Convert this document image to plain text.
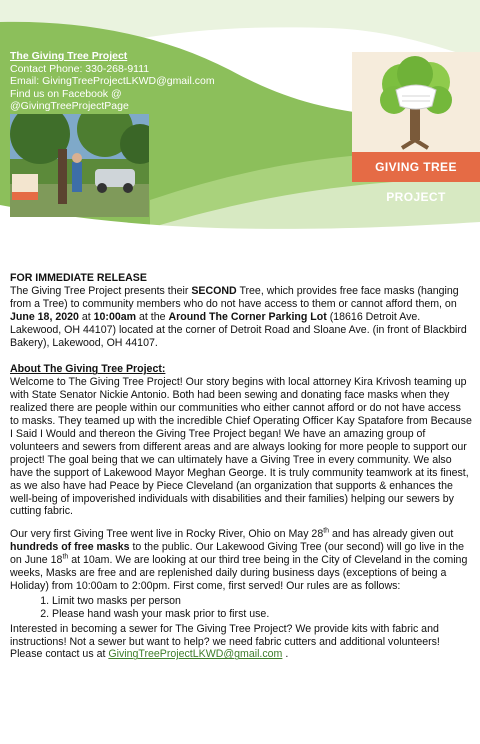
The Giving Tree Project
Contact Phone: 330-268-9111
Email: GivingTreeProjectLKWD@gmail.com
Find us on Facebook @
@GivingTreeProjectPage
GIVING TREE PROJECT
FOR IMMEDIATE RELEASE

The Giving Tree Project presents their SECOND Tree, which provides free face masks (hanging from a Tree) to community members who do not have access to them or cannot afford them, on June 18, 2020 at 10:00am at the Around The Corner Parking Lot (18616 Detroit Ave. Lakewood, OH 44107) located at the corner of Detroit Road and Sloane Ave. (in front of Blackbird Bakery), Lakewood, OH 44107.

About The Giving Tree Project:

Welcome to The Giving Tree Project! Our story begins with local attorney Kira Krivosh teaming up with State Senator Nickie Antonio. Both had been sewing and donating face masks when they realized there are people within our communities who either cannot afford or do not have access to masks. They teamed up with the incredible Chief Operating Officer Kay Spatafore from Because I Said I Would and thereon the Giving Tree Project began! We have an amazing group of volunteers and sewers from different areas and are always looking for more people to support our project! The goal being that we can ultimately have a Giving Tree in every community. We also have the support of Lakewood Mayor Meghan George. It is truly community teamwork at its finest, as we also have had Peace by Piece Cleveland (an organization that supports & enhances the well-being of impoverished individuals with disabilities and their families) helping our sewers by cutting fabric.

Our very first Giving Tree went live in Rocky River, Ohio on May 28th and has already given out hundreds of free masks to the public. Our Lakewood Giving Tree (our second) will go live in the on June 18th at 10am. We are looking at our third tree being in the City of Cleveland in the coming weeks, Masks are free and are replenished daily during business days (exceptions of being a Holiday) from 10:00am to 2:00pm. First come, first served! Our rules are as follows:

1. Limit two masks per person
2. Please hand wash your mask prior to first use.

Interested in becoming a sewer for The Giving Tree Project? We provide kits with fabric and instructions! Not a sewer but want to help? we need fabric cutters and additional volunteers! Please contact us at GivingTreeProjectLKWD@gmail.com .
